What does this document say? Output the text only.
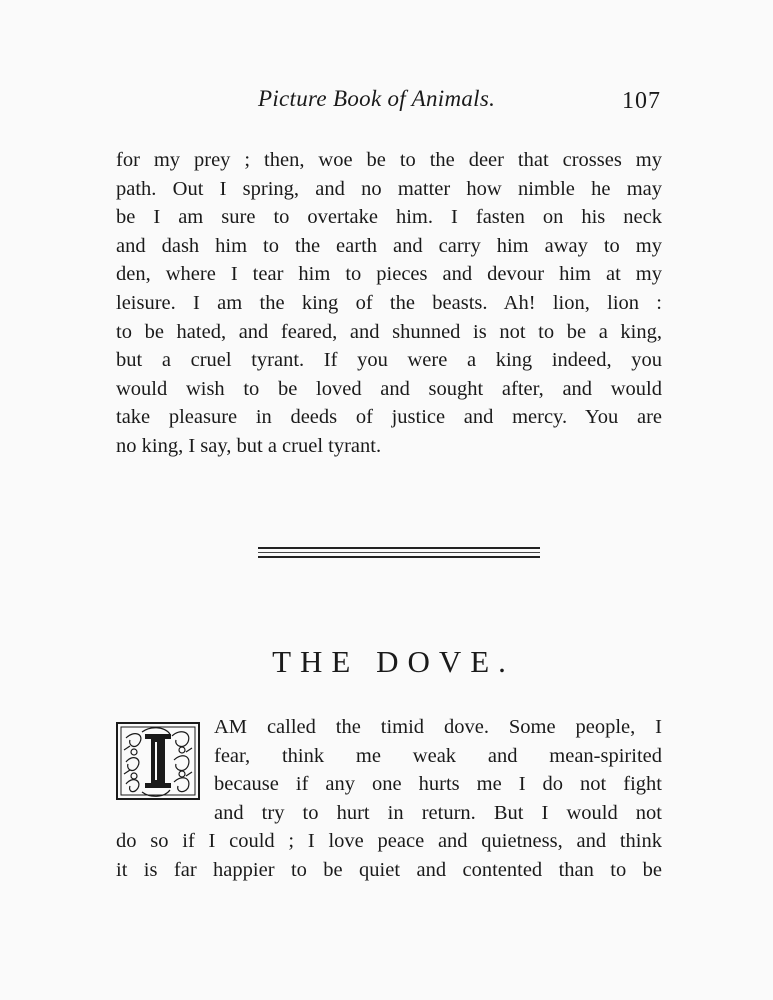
Picture Book of Animals.	107
for my prey ; then, woe be to the deer that crosses my
path. Out I spring, and no matter how nimble he may
be I am sure to overtake him. I fasten on his neck
and dash him to the earth and carry him away to my
den, where I tear him to pieces and devour him at my
leisure. I am the king of the beasts. Ah! lion, lion :
to be hated, and feared, and shunned is not to be a king,
but a cruel tyrant. If you were a king indeed, you
would wish to be loved and sought after, and would
take pleasure in deeds of justice and mercy. You are
no king, I say, but a cruel tyrant.
THE DOVE.
AM called the timid dove. Some people, I
fear, think me weak and mean-spirited
because if any one hurts me I do not fight
and try to hurt in return. But I would not
do so if I could ; I love peace and quietness, and think
it is far happier to be quiet and contented than to be
